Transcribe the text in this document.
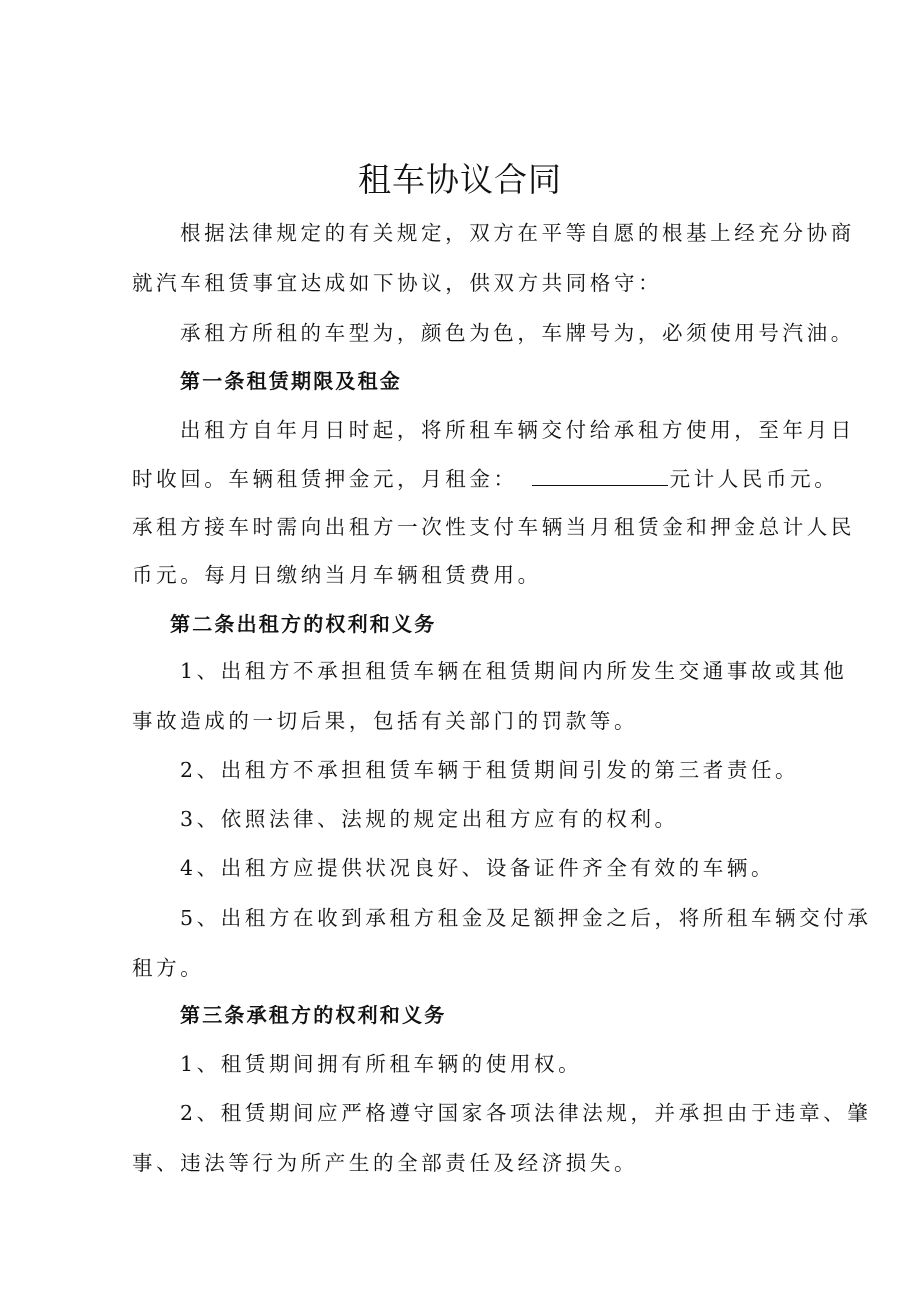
租车协议合同
根据法律规定的有关规定，双方在平等自愿的根基上经充分协商
就汽车租赁事宜达成如下协议，供双方共同格守：
承租方所租的车型为，颜色为色，车牌号为，必须使用号汽油。
第一条租赁期限及租金
出租方自年月日时起，将所租车辆交付给承租方使用，至年月日
时收回。车辆租赁押金元，月租金：	元计人民币元。
承租方接车时需向出租方一次性支付车辆当月租赁金和押金总计人民
币元。每月日缴纳当月车辆租赁费用。
第二条出租方的权利和义务
1、出租方不承担租赁车辆在租赁期间内所发生交通事故或其他
事故造成的一切后果，包括有关部门的罚款等。
2、出租方不承担租赁车辆于租赁期间引发的第三者责任。
3、依照法律、法规的规定出租方应有的权利。
4、出租方应提供状况良好、设备证件齐全有效的车辆。
5、出租方在收到承租方租金及足额押金之后，将所租车辆交付承
租方。
第三条承租方的权利和义务
1、租赁期间拥有所租车辆的使用权。
2、租赁期间应严格遵守国家各项法律法规，并承担由于违章、肇
事、违法等行为所产生的全部责任及经济损失。
